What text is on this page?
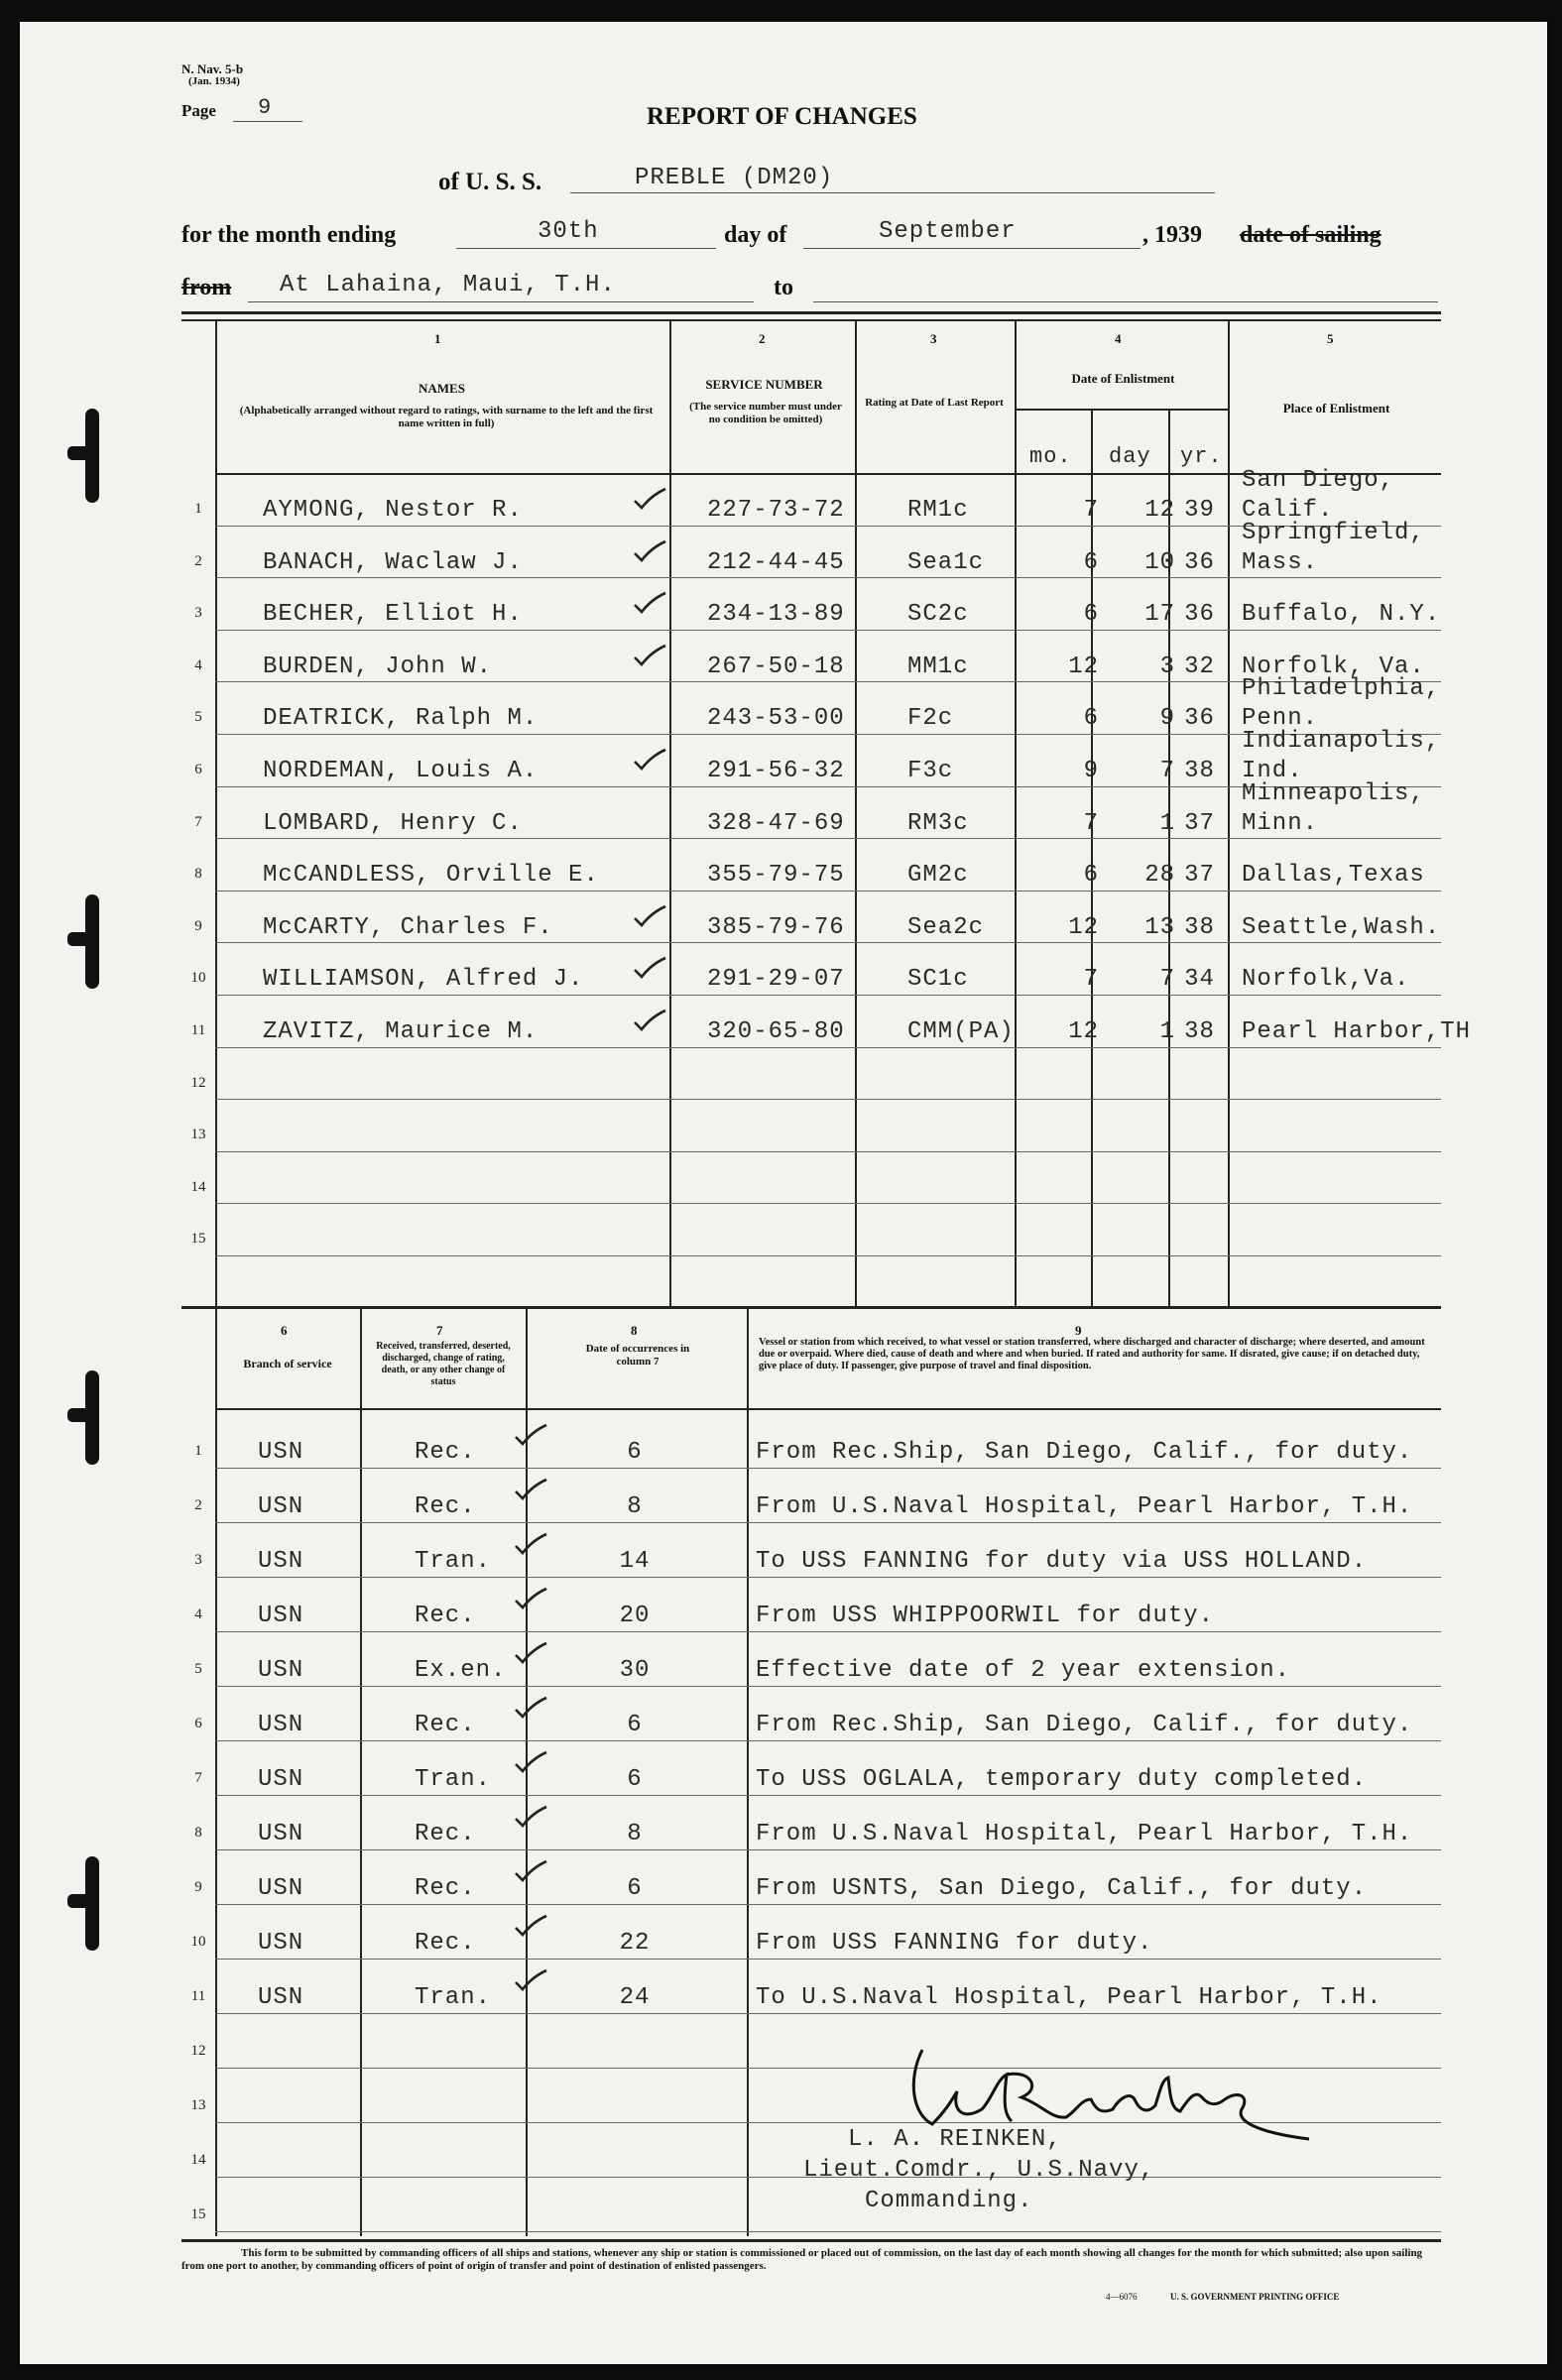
N. Nav. 5-b
(Jan. 1934)
Page 9	REPORT OF CHANGES
of U. S. S.	PREBLE (DM20)
for the month ending	30th	day of	September	, 1939 date of sailing
from At Lahaina, Maui, T.H.	to
1
NAMES
(Alphabetically arranged without regard to ratings, with surname to the left and the first name written in full)
2
SERVICE NUMBER
(The service number must under no condition be omitted)
3
Rating at Date of Last Report
4
Date of Enlistment
mo. day yr.
5
Place of Enlistment
1	AYMONG, Nestor R.	227-73-72	RM1c	7	12 39
San Diego,
Calif.
2	BANACH, Waclaw J.	212-44-45	Sea1c	6	10 36
Springfield,
Mass.
3	BECHER, Elliot H.	234-13-89	SC2c	6	17 36	Buffalo, N.Y.
4	BURDEN, John W.	267-50-18	MM1c	12	3 32	Norfolk, Va.
5	DEATRICK, Ralph M.	243-53-00	F2c	6	9 36
Philadelphia,
Penn.
6	NORDEMAN, Louis A.	291-56-32	F3c	9	7 38
Indianapolis,
Ind.
7	LOMBARD, Henry C.	328-47-69	RM3c	7	1 37
Minneapolis,
Minn.
8	McCANDLESS, Orville E.	355-79-75	GM2c	6	28 37	Dallas,Texas
9	McCARTY, Charles F.	385-79-76	Sea2c	12	13 38	Seattle,Wash.
10	WILLIAMSON, Alfred J.	291-29-07	SC1c	7	7 34	Norfolk,Va.
11	ZAVITZ, Maurice M.	320-65-80	CMM(PA)	12	1 38	Pearl Harbor,TH
12
13
14
15
6
Branch of service
7
Received, transferred, deserted, discharged, change of rating, death, or any other change of status
8
Date of occurrences in column 7
9
Vessel or station from which received, to what vessel or station transferred, where discharged and character of discharge; where deserted, and amount due or overpaid. Where died, cause of death and where and when buried. If rated and authority for same. If disrated, give cause; if on detached duty, give place of duty. If passenger, give purpose of travel and final disposition.
1	USN	Rec.	6	From Rec.Ship, San Diego, Calif., for duty.
2	USN	Rec.	8	From U.S.Naval Hospital, Pearl Harbor, T.H.
3	USN	Tran.	14	To USS FANNING for duty via USS HOLLAND.
4	USN	Rec.	20	From USS WHIPPOORWIL for duty.
5	USN	Ex.en.	30	Effective date of 2 year extension.
6	USN	Rec.	6	From Rec.Ship, San Diego, Calif., for duty.
7	USN	Tran.	6	To USS OGLALA, temporary duty completed.
8	USN	Rec.	8	From U.S.Naval Hospital, Pearl Harbor, T.H.
9	USN	Rec.	6	From USNTS, San Diego, Calif., for duty.
10	USN	Rec.	22	From USS FANNING for duty.
11	USN	Tran.	24	To U.S.Naval Hospital, Pearl Harbor, T.H.
12
13
14
15
L. A. REINKEN,
Lieut.Comdr., U.S.Navy,
Commanding.
This form to be submitted by commanding officers of all ships and stations, whenever any ship or station is commissioned or placed out of commission, on the last day of each month showing all changes for the month for which submitted; also upon sailing from one port to another, by commanding officers of point of origin of transfer and point of destination of enlisted passengers.
4—6076	U. S. GOVERNMENT PRINTING OFFICE
